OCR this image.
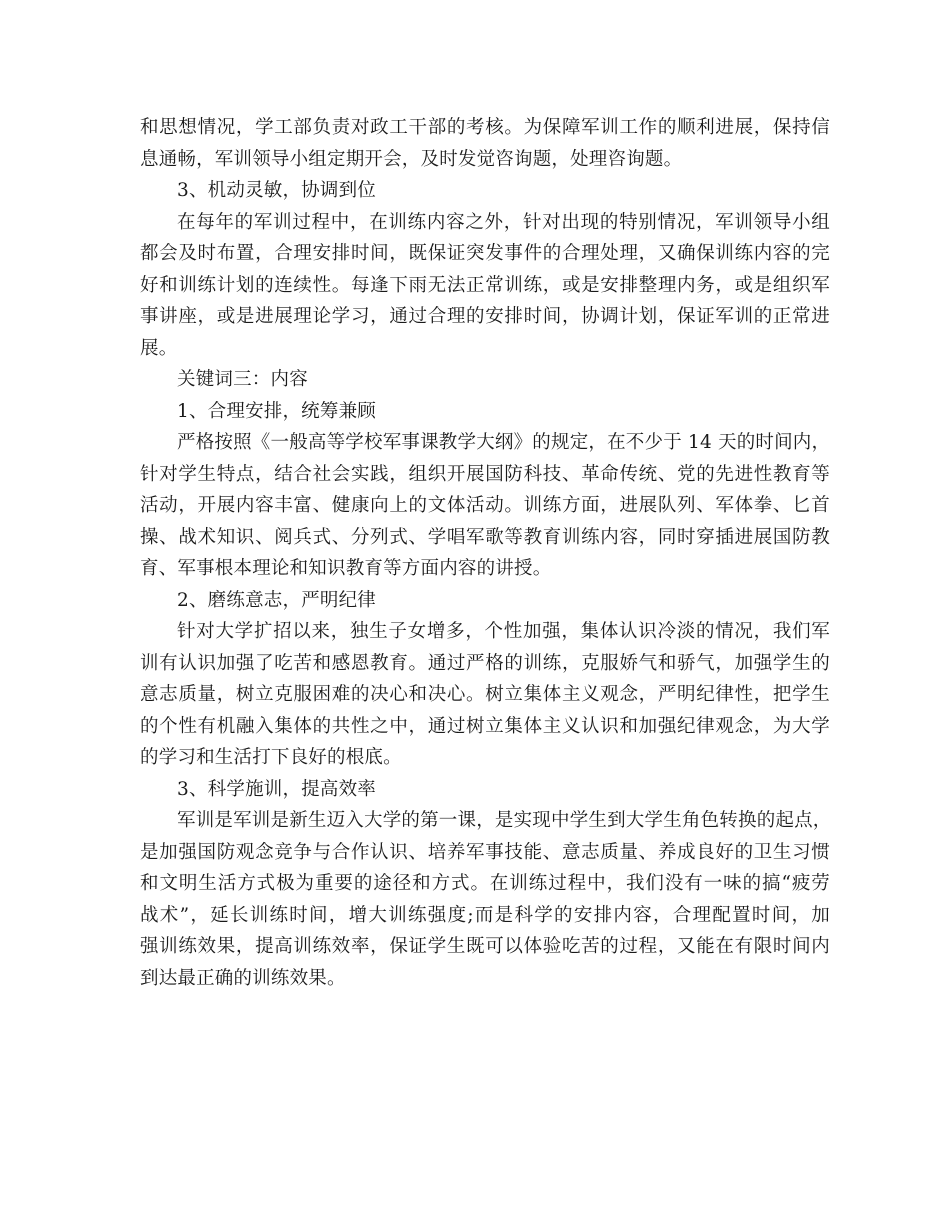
和思想情况，学工部负责对政工干部的考核。为保障军训工作的顺利进展，保持信
息通畅，军训领导小组定期开会，及时发觉咨询题，处理咨询题。
3、机动灵敏，协调到位
在每年的军训过程中，在训练内容之外，针对出现的特别情况，军训领导小组
都会及时布置，合理安排时间，既保证突发事件的合理处理，又确保训练内容的完
好和训练计划的连续性。每逢下雨无法正常训练，或是安排整理内务，或是组织军
事讲座，或是进展理论学习，通过合理的安排时间，协调计划，保证军训的正常进
展。
关键词三：内容
1、合理安排，统筹兼顾
严格按照《一般高等学校军事课教学大纲》的规定，在不少于 14 天的时间内，
针对学生特点，结合社会实践，组织开展国防科技、革命传统、党的先进性教育等
活动，开展内容丰富、健康向上的文体活动。训练方面，进展队列、军体拳、匕首
操、战术知识、阅兵式、分列式、学唱军歌等教育训练内容，同时穿插进展国防教
育、军事根本理论和知识教育等方面内容的讲授。
2、磨练意志，严明纪律
针对大学扩招以来，独生子女增多，个性加强，集体认识冷淡的情况，我们军
训有认识加强了吃苦和感恩教育。通过严格的训练，克服娇气和骄气，加强学生的
意志质量，树立克服困难的决心和决心。树立集体主义观念，严明纪律性，把学生
的个性有机融入集体的共性之中，通过树立集体主义认识和加强纪律观念，为大学
的学习和生活打下良好的根底。
3、科学施训，提高效率
军训是军训是新生迈入大学的第一课，是实现中学生到大学生角色转换的起点，
是加强国防观念竞争与合作认识、培养军事技能、意志质量、养成良好的卫生习惯
和文明生活方式极为重要的途径和方式。在训练过程中，我们没有一味的搞“疲劳
战术”，延长训练时间，增大训练强度;而是科学的安排内容，合理配置时间，加
强训练效果，提高训练效率，保证学生既可以体验吃苦的过程，又能在有限时间内
到达最正确的训练效果。
